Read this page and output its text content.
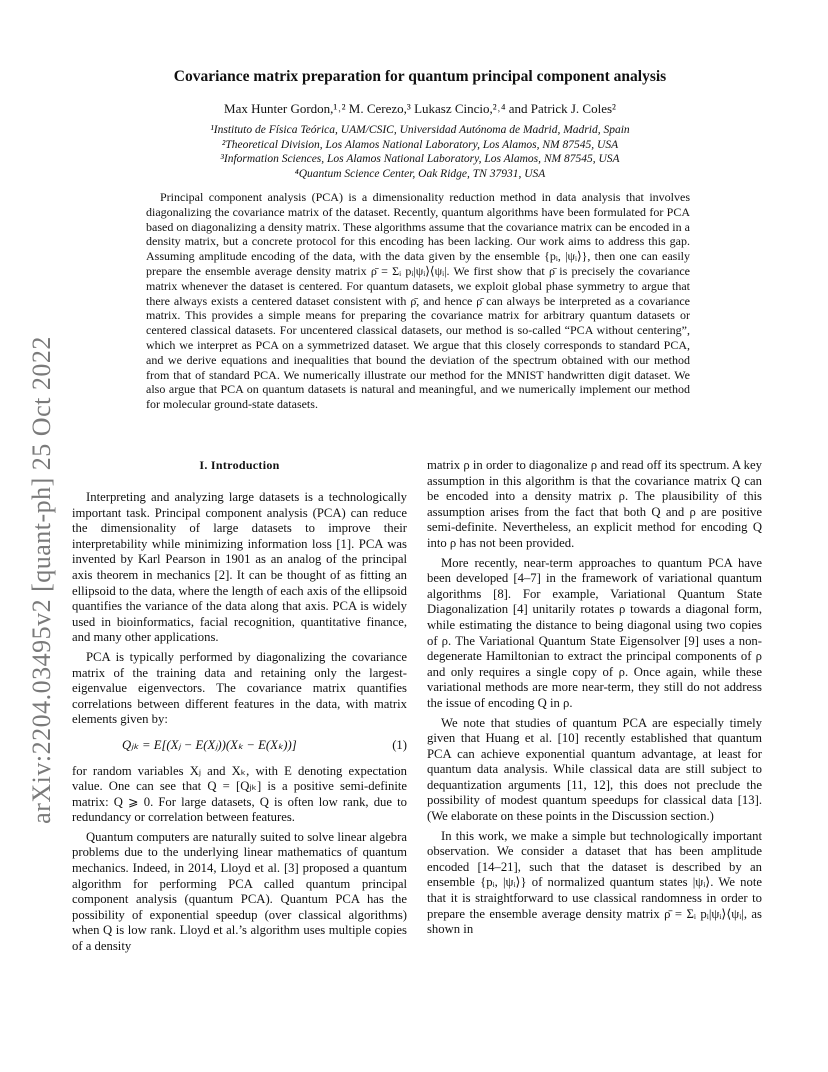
arXiv:2204.03495v2 [quant-ph] 25 Oct 2022
Covariance matrix preparation for quantum principal component analysis
Max Hunter Gordon,¹˒² M. Cerezo,³ Lukasz Cincio,²˒⁴ and Patrick J. Coles²
¹Instituto de Física Teórica, UAM/CSIC, Universidad Autónoma de Madrid, Madrid, Spain
²Theoretical Division, Los Alamos National Laboratory, Los Alamos, NM 87545, USA
³Information Sciences, Los Alamos National Laboratory, Los Alamos, NM 87545, USA
⁴Quantum Science Center, Oak Ridge, TN 37931, USA
Principal component analysis (PCA) is a dimensionality reduction method in data analysis that involves diagonalizing the covariance matrix of the dataset. Recently, quantum algorithms have been formulated for PCA based on diagonalizing a density matrix. These algorithms assume that the covariance matrix can be encoded in a density matrix, but a concrete protocol for this encoding has been lacking. Our work aims to address this gap. Assuming amplitude encoding of the data, with the data given by the ensemble {pᵢ, |ψᵢ⟩}, then one can easily prepare the ensemble average density matrix ρ̄ = Σᵢ pᵢ|ψᵢ⟩⟨ψᵢ|. We first show that ρ̄ is precisely the covariance matrix whenever the dataset is centered. For quantum datasets, we exploit global phase symmetry to argue that there always exists a centered dataset consistent with ρ̄, and hence ρ̄ can always be interpreted as a covariance matrix. This provides a simple means for preparing the covariance matrix for arbitrary quantum datasets or centered classical datasets. For uncentered classical datasets, our method is so-called “PCA without centering”, which we interpret as PCA on a symmetrized dataset. We argue that this closely corresponds to standard PCA, and we derive equations and inequalities that bound the deviation of the spectrum obtained with our method from that of standard PCA. We numerically illustrate our method for the MNIST handwritten digit dataset. We also argue that PCA on quantum datasets is natural and meaningful, and we numerically implement our method for molecular ground-state datasets.
I. Introduction

Interpreting and analyzing large datasets is a technologically important task. Principal component analysis (PCA) can reduce the dimensionality of large datasets to improve their interpretability while minimizing information loss [1]. PCA was invented by Karl Pearson in 1901 as an analog of the principal axis theorem in mechanics [2]. It can be thought of as fitting an ellipsoid to the data, where the length of each axis of the ellipsoid quantifies the variance of the data along that axis. PCA is widely used in bioinformatics, facial recognition, quantitative finance, and many other applications.

PCA is typically performed by diagonalizing the covariance matrix of the training data and retaining only the largest-eigenvalue eigenvectors. The covariance matrix quantifies correlations between different features in the data, with matrix elements given by:

Qⱼₖ = E[(Xⱼ − E(Xⱼ))(Xₖ − E(Xₖ))]	(1)

for random variables Xⱼ and Xₖ, with E denoting expectation value. One can see that Q = [Qⱼₖ] is a positive semi-definite matrix: Q ⩾ 0. For large datasets, Q is often low rank, due to redundancy or correlation between features.

Quantum computers are naturally suited to solve linear algebra problems due to the underlying linear mathematics of quantum mechanics. Indeed, in 2014, Lloyd et al. [3] proposed a quantum algorithm for performing PCA called quantum principal component analysis (quantum PCA). Quantum PCA has the possibility of exponential speedup (over classical algorithms) when Q is low rank. Lloyd et al.’s algorithm uses multiple copies of a density

matrix ρ in order to diagonalize ρ and read off its spectrum. A key assumption in this algorithm is that the covariance matrix Q can be encoded into a density matrix ρ. The plausibility of this assumption arises from the fact that both Q and ρ are positive semi-definite. Nevertheless, an explicit method for encoding Q into ρ has not been provided.

More recently, near-term approaches to quantum PCA have been developed [4–7] in the framework of variational quantum algorithms [8]. For example, Variational Quantum State Diagonalization [4] unitarily rotates ρ towards a diagonal form, while estimating the distance to being diagonal using two copies of ρ. The Variational Quantum State Eigensolver [9] uses a non-degenerate Hamiltonian to extract the principal components of ρ and only requires a single copy of ρ. Once again, while these variational methods are more near-term, they still do not address the issue of encoding Q in ρ.

We note that studies of quantum PCA are especially timely given that Huang et al. [10] recently established that quantum PCA can achieve exponential quantum advantage, at least for quantum data analysis. While classical data are still subject to dequantization arguments [11, 12], this does not preclude the possibility of modest quantum speedups for classical data [13]. (We elaborate on these points in the Discussion section.)

In this work, we make a simple but technologically important observation. We consider a dataset that has been amplitude encoded [14–21], such that the dataset is described by an ensemble {pᵢ, |ψᵢ⟩} of normalized quantum states |ψᵢ⟩. We note that it is straightforward to use classical randomness in order to prepare the ensemble average density matrix ρ̄ = Σᵢ pᵢ|ψᵢ⟩⟨ψᵢ|, as shown in
